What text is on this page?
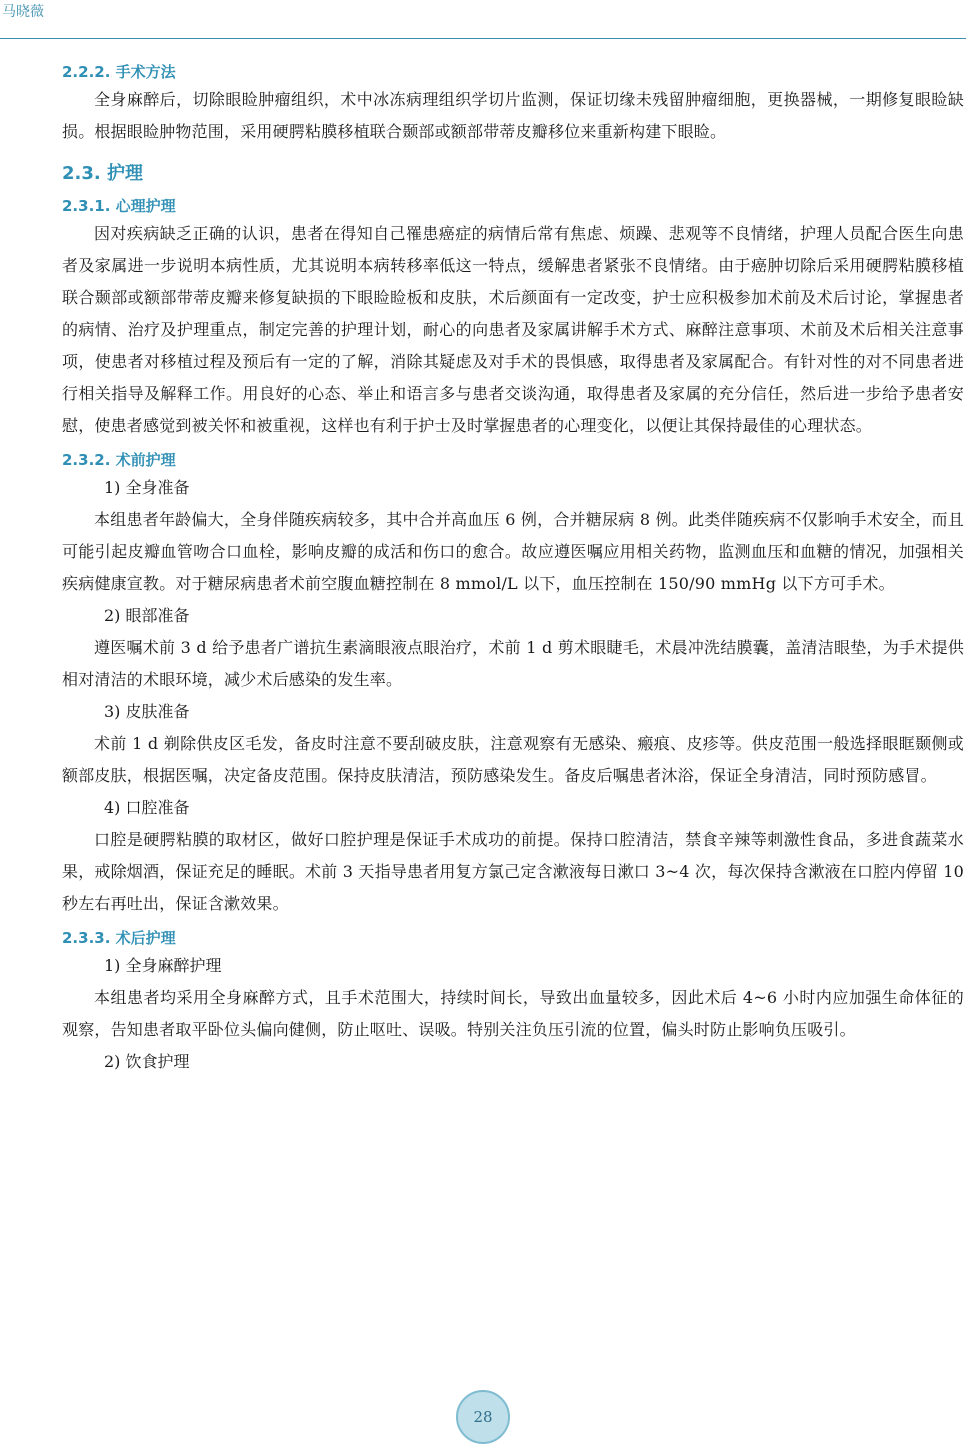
马晓薇

2.2.2. 手术方法

全身麻醉后，切除眼睑肿瘤组织，术中冰冻病理组织学切片监测，保证切缘未残留肿瘤细胞，更换器械，一期修复眼睑缺损。根据眼睑肿物范围，采用硬腭粘膜移植联合颞部或额部带蒂皮瓣移位来重新构建下眼睑。

2.3. 护理

2.3.1. 心理护理

因对疾病缺乏正确的认识，患者在得知自己罹患癌症的病情后常有焦虑、烦躁、悲观等不良情绪，护理人员配合医生向患者及家属进一步说明本病性质，尤其说明本病转移率低这一特点，缓解患者紧张不良情绪。由于癌肿切除后采用硬腭粘膜移植联合颞部或额部带蒂皮瓣来修复缺损的下眼睑睑板和皮肤，术后颜面有一定改变，护士应积极参加术前及术后讨论，掌握患者的病情、治疗及护理重点，制定完善的护理计划，耐心的向患者及家属讲解手术方式、麻醉注意事项、术前及术后相关注意事项，使患者对移植过程及预后有一定的了解，消除其疑虑及对手术的畏惧感，取得患者及家属配合。有针对性的对不同患者进行相关指导及解释工作。用良好的心态、举止和语言多与患者交谈沟通，取得患者及家属的充分信任，然后进一步给予患者安慰，使患者感觉到被关怀和被重视，这样也有利于护士及时掌握患者的心理变化，以便让其保持最佳的心理状态。

2.3.2. 术前护理

1) 全身准备

本组患者年龄偏大，全身伴随疾病较多，其中合并高血压 6 例，合并糖尿病 8 例。此类伴随疾病不仅影响手术安全，而且可能引起皮瓣血管吻合口血栓，影响皮瓣的成活和伤口的愈合。故应遵医嘱应用相关药物，监测血压和血糖的情况，加强相关疾病健康宣教。对于糖尿病患者术前空腹血糖控制在 8 mmol/L 以下，血压控制在 150/90 mmHg 以下方可手术。

2) 眼部准备

遵医嘱术前 3 d 给予患者广谱抗生素滴眼液点眼治疗，术前 1 d 剪术眼睫毛，术晨冲洗结膜囊，盖清洁眼垫，为手术提供相对清洁的术眼环境，减少术后感染的发生率。

3) 皮肤准备

术前 1 d 剃除供皮区毛发，备皮时注意不要刮破皮肤，注意观察有无感染、瘢痕、皮疹等。供皮范围一般选择眼眶颞侧或额部皮肤，根据医嘱，决定备皮范围。保持皮肤清洁，预防感染发生。备皮后嘱患者沐浴，保证全身清洁，同时预防感冒。

4) 口腔准备

口腔是硬腭粘膜的取材区，做好口腔护理是保证手术成功的前提。保持口腔清洁，禁食辛辣等刺激性食品，多进食蔬菜水果，戒除烟酒，保证充足的睡眠。术前 3 天指导患者用复方氯己定含漱液每日漱口 3~4 次，每次保持含漱液在口腔内停留 10 秒左右再吐出，保证含漱效果。

2.3.3. 术后护理

1) 全身麻醉护理

本组患者均采用全身麻醉方式，且手术范围大，持续时间长，导致出血量较多，因此术后 4~6 小时内应加强生命体征的观察，告知患者取平卧位头偏向健侧，防止呕吐、误吸。特别关注负压引流的位置，偏头时防止影响负压吸引。

2) 饮食护理

28
